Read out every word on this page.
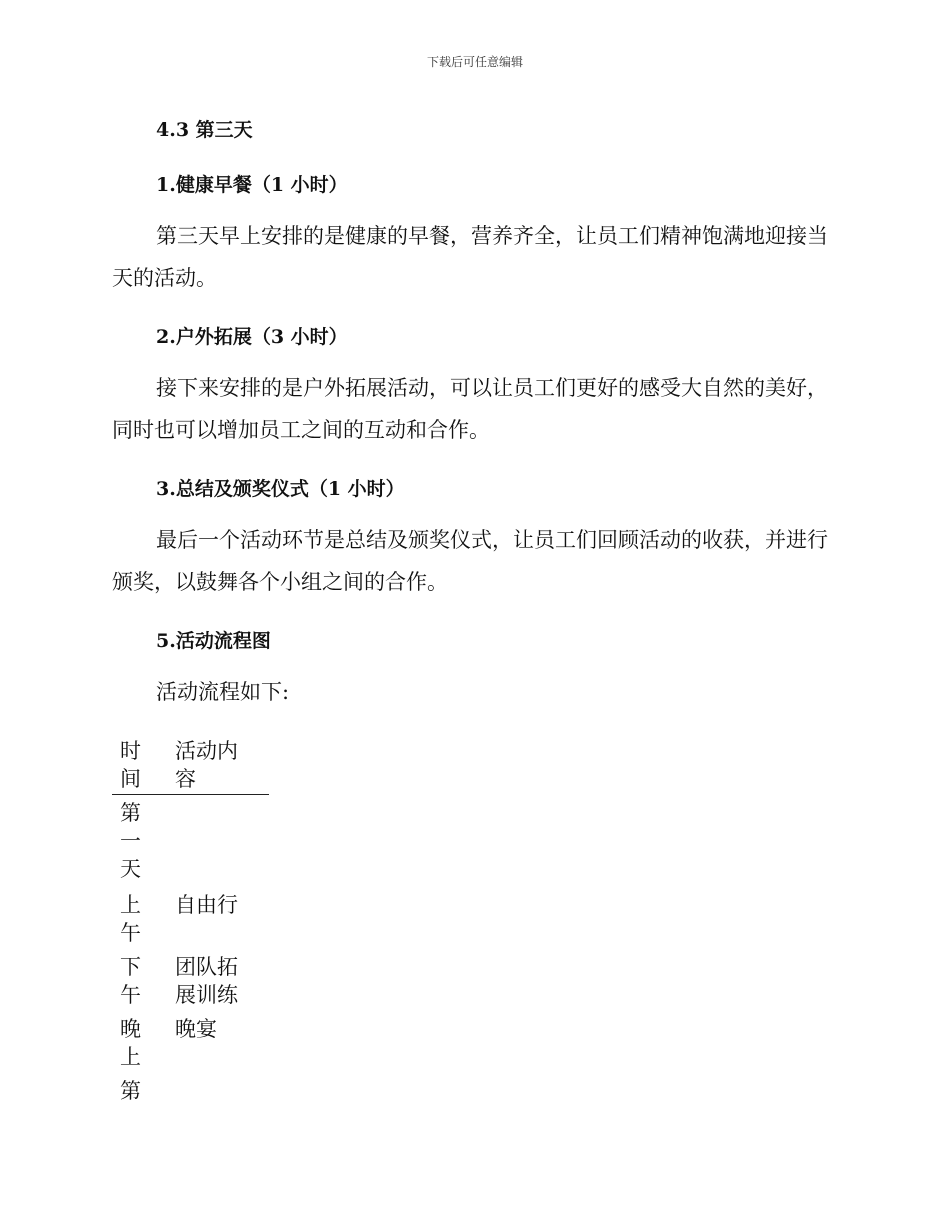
下载后可任意编辑
4.3 第三天
1.健康早餐（1 小时）

第三天早上安排的是健康的早餐，营养齐全，让员工们精神饱满地迎接当天的活动。

2.户外拓展（3 小时）

接下来安排的是户外拓展活动，可以让员工们更好的感受大自然的美好，同时也可以增加员工之间的互动和合作。

3.总结及颁奖仪式（1 小时）

最后一个活动环节是总结及颁奖仪式，让员工们回顾活动的收获，并进行颁奖，以鼓舞各个小组之间的合作。

5.活动流程图

活动流程如下:

时间
活动内容
第一天
上午
自由行
下午
团队拓展训练
晚上
晚宴
第
